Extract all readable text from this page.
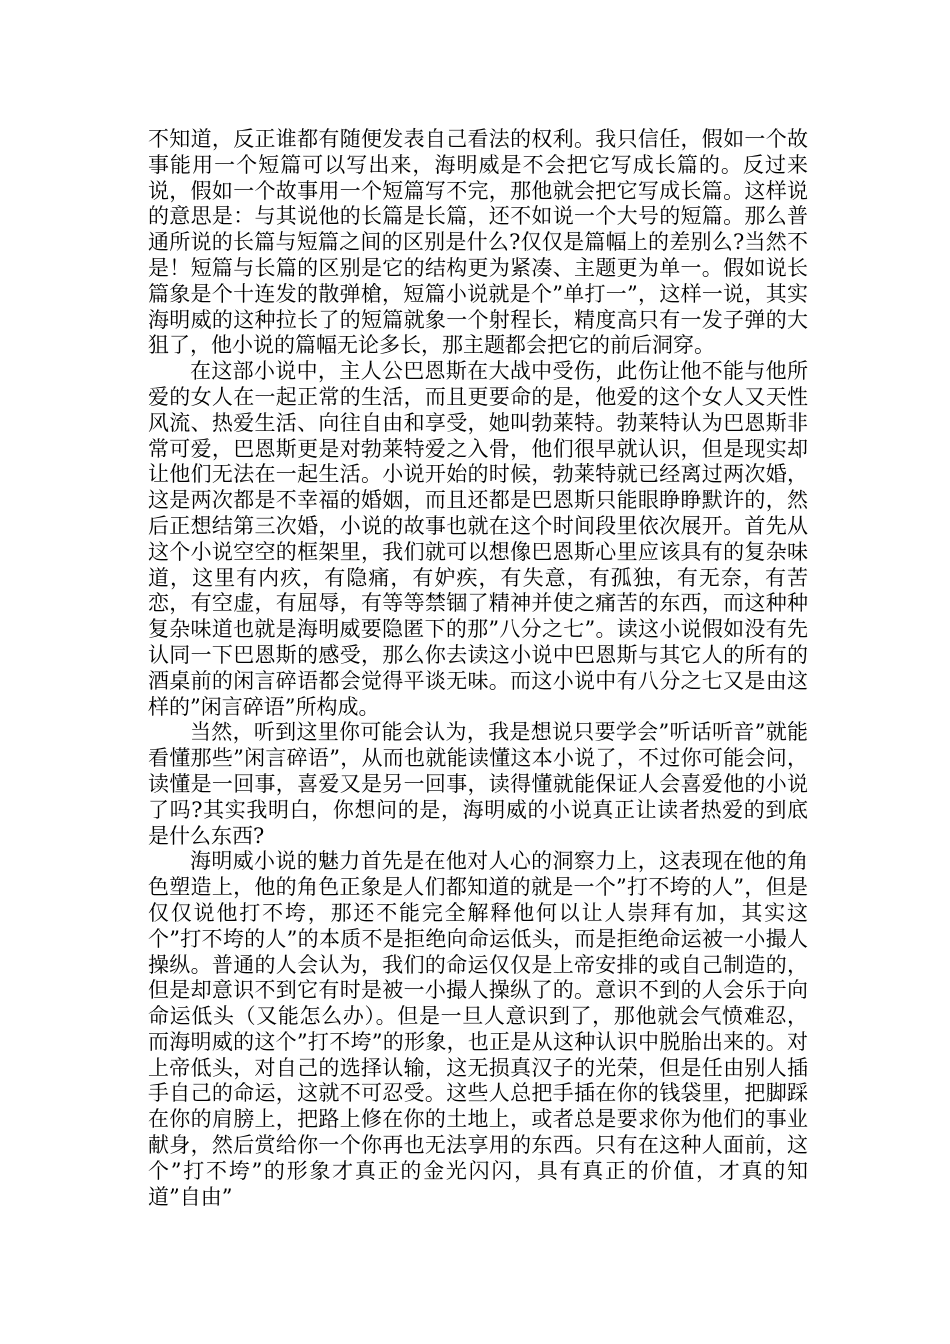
不知道，反正谁都有随便发表自己看法的权利。我只信任，假如一个故事能用一个短篇可以写出来，海明威是不会把它写成长篇的。反过来说，假如一个故事用一个短篇写不完，那他就会把它写成长篇。这样说的意思是：与其说他的长篇是长篇，还不如说一个大号的短篇。那么普通所说的长篇与短篇之间的区别是什么?仅仅是篇幅上的差别么?当然不是！短篇与长篇的区别是它的结构更为紧凑、主题更为单一。假如说长篇象是个十连发的散弹槍，短篇小说就是个”单打一”，这样一说，其实海明威的这种拉长了的短篇就象一个射程长，精度高只有一发子弹的大狙了，他小说的篇幅无论多长，那主题都会把它的前后洞穿。

在这部小说中，主人公巴恩斯在大战中受伤，此伤让他不能与他所爱的女人在一起正常的生活，而且更要命的是，他爱的这个女人又天性风流、热爱生活、向往自由和享受，她叫勃莱特。勃莱特认为巴恩斯非常可爱，巴恩斯更是对勃莱特爱之入骨，他们很早就认识，但是现实却让他们无法在一起生活。小说开始的时候，勃莱特就已经离过两次婚，这是两次都是不幸福的婚姻，而且还都是巴恩斯只能眼睁睁默许的，然后正想结第三次婚，小说的故事也就在这个时间段里依次展开。首先从这个小说空空的框架里，我们就可以想像巴恩斯心里应该具有的复杂味道，这里有内疚，有隐痛，有妒疾，有失意，有孤独，有无奈，有苦恋，有空虚，有屈辱，有等等禁锢了精神并使之痛苦的东西，而这种种复杂味道也就是海明威要隐匿下的那”八分之七”。读这小说假如没有先认同一下巴恩斯的感受，那么你去读这小说中巴恩斯与其它人的所有的酒桌前的闲言碎语都会觉得平谈无味。而这小说中有八分之七又是由这样的”闲言碎语”所构成。

当然，听到这里你可能会认为，我是想说只要学会”听话听音”就能看懂那些”闲言碎语”，从而也就能读懂这本小说了，不过你可能会问，读懂是一回事，喜爱又是另一回事，读得懂就能保证人会喜爱他的小说了吗?其实我明白，你想问的是，海明威的小说真正让读者热爱的到底是什么东西?

海明威小说的魅力首先是在他对人心的洞察力上，这表现在他的角色塑造上，他的角色正象是人们都知道的就是一个”打不垮的人”，但是仅仅说他打不垮，那还不能完全解释他何以让人崇拜有加，其实这个”打不垮的人”的本质不是拒绝向命运低头，而是拒绝命运被一小撮人操纵。普通的人会认为，我们的命运仅仅是上帝安排的或自己制造的，但是却意识不到它有时是被一小撮人操纵了的。意识不到的人会乐于向命运低头（又能怎么办）。但是一旦人意识到了，那他就会气愤难忍，而海明威的这个”打不垮”的形象，也正是从这种认识中脱胎出来的。对上帝低头，对自己的选择认输，这无损真汉子的光荣，但是任由别人插手自己的命运，这就不可忍受。这些人总把手插在你的钱袋里，把脚踩在你的肩膀上，把路上修在你的土地上，或者总是要求你为他们的事业献身，然后赏给你一个你再也无法享用的东西。只有在这种人面前，这个”打不垮”的形象才真正的金光闪闪，具有真正的价值，才真的知道”自由”
